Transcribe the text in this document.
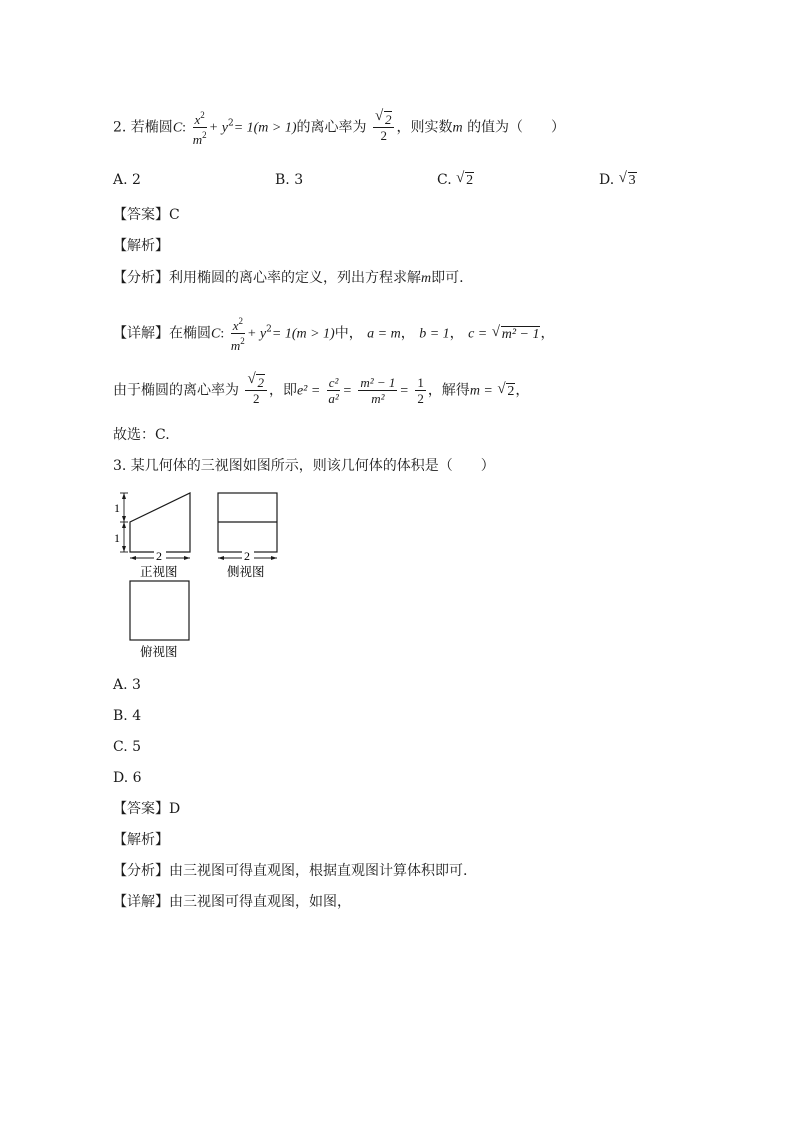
2. 若椭圆C: $\frac{x^2}{m^2} + y^2= 1(m > 1)$的离心率为 $\frac{√ 2}{2}$ ，则实数m 的值为（　　）
A. 2	B. 3	C. √ 2	D. √ 3
【答案】C
【解析】
【分析】利用椭圆的离心率的定义，列出方程求解m即可.
【详解】在椭圆C: $\frac{x^2}{m^2} + y^2= 1(m > 1)$中， a = m， b = 1， c = √ m² − 1，
由于椭圆的离心率为 $\frac{√ 2}{2}$ ，即$e^2 = \frac{\text{c²}}{\text{a²}} = \frac{\text{m² − 1}}{\text{m²}} = \frac{1}{2}$ ，解得m = √ 2，
故选：C.
3. 某几何体的三视图如图所示，则该几何体的体积是（　　）
1
1
2
正视图
2
侧视图
俯视图
A. 3
B. 4
C. 5
D. 6
【答案】D
【解析】
【分析】由三视图可得直观图，根据直观图计算体积即可.
【详解】由三视图可得直观图，如图，
